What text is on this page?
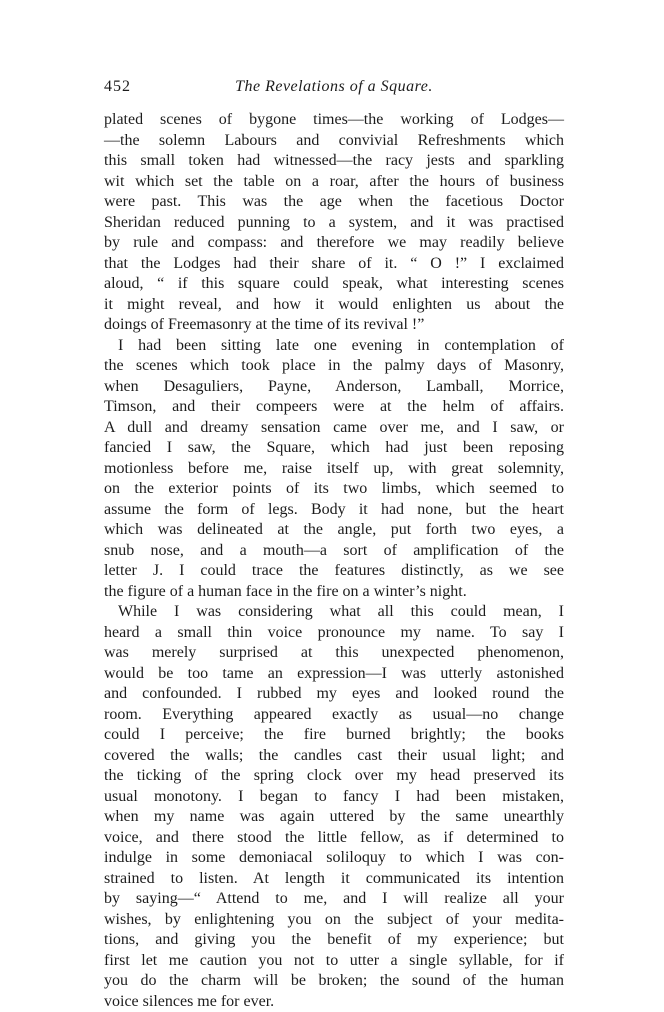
452	The Revelations of a Square.
plated scenes of bygone times—the working of Lodges—
—the solemn Labours and convivial Refreshments which
this small token had witnessed—the racy jests and sparkling
wit which set the table on a roar, after the hours of business
were past. This was the age when the facetious Doctor
Sheridan reduced punning to a system, and it was practised
by rule and compass: and therefore we may readily believe
that the Lodges had their share of it. “ O !” I exclaimed
aloud, “ if this square could speak, what interesting scenes
it might reveal, and how it would enlighten us about the
doings of Freemasonry at the time of its revival !”
I had been sitting late one evening in contemplation of
the scenes which took place in the palmy days of Masonry,
when Desaguliers, Payne, Anderson, Lamball, Morrice,
Timson, and their compeers were at the helm of affairs.
A dull and dreamy sensation came over me, and I saw, or
fancied I saw, the Square, which had just been reposing
motionless before me, raise itself up, with great solemnity,
on the exterior points of its two limbs, which seemed to
assume the form of legs. Body it had none, but the heart
which was delineated at the angle, put forth two eyes, a
snub nose, and a mouth—a sort of amplification of the
letter J. I could trace the features distinctly, as we see
the figure of a human face in the fire on a winter’s night.
While I was considering what all this could mean, I
heard a small thin voice pronounce my name. To say I
was merely surprised at this unexpected phenomenon,
would be too tame an expression—I was utterly astonished
and confounded. I rubbed my eyes and looked round the
room. Everything appeared exactly as usual—no change
could I perceive; the fire burned brightly; the books
covered the walls; the candles cast their usual light; and
the ticking of the spring clock over my head preserved its
usual monotony. I began to fancy I had been mistaken,
when my name was again uttered by the same unearthly
voice, and there stood the little fellow, as if determined to
indulge in some demoniacal soliloquy to which I was con-
strained to listen. At length it communicated its intention
by saying—“ Attend to me, and I will realize all your
wishes, by enlightening you on the subject of your medita-
tions, and giving you the benefit of my experience; but
first let me caution you not to utter a single syllable, for if
you do the charm will be broken; the sound of the human
voice silences me for ever.
